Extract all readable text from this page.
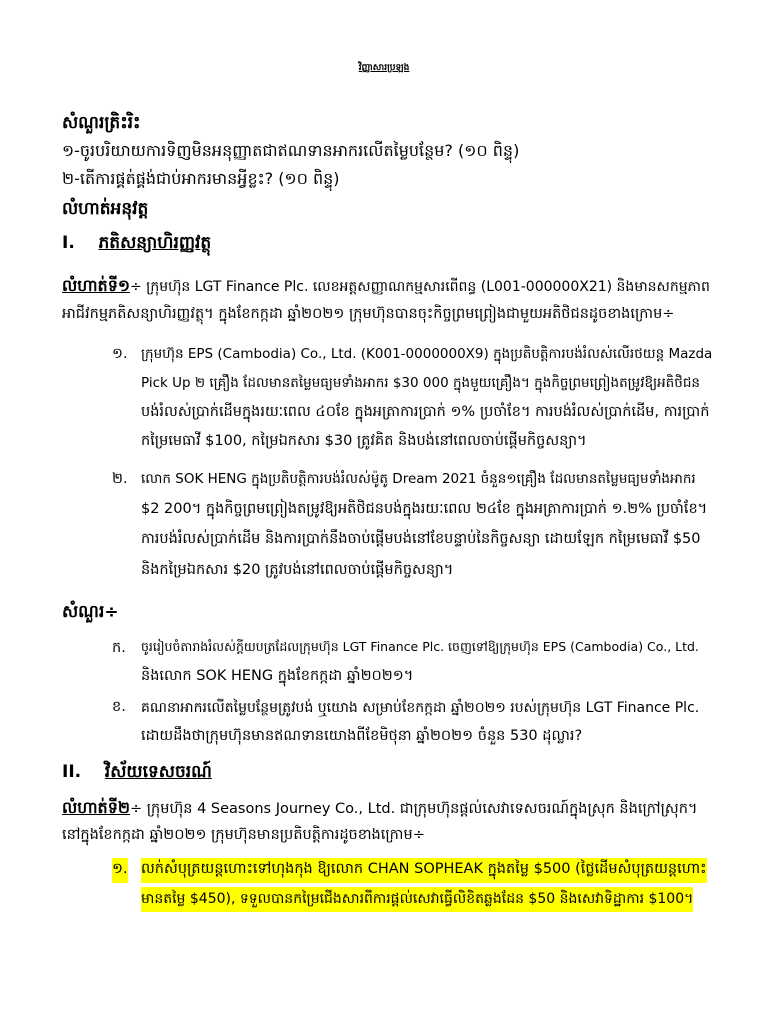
វិញ្ញាសារប្រឡង

សំណួរត្រិះរិះ

១-ចូរបរិយាយការទិញមិនអនុញ្ញាតជាឥណទានអាករលើតម្លៃបន្ថែម? (១០ ពិន្ទុ)

២-តើការផ្គត់ផ្គង់ជាប់អាករមានអ្វីខ្លះ? (១០ ពិន្ទុ)

លំហាត់អនុវត្ត

I. ភតិសន្យាហិរញ្ញវត្ថុ

លំហាត់ទី១÷ ក្រុមហ៊ុន LGT Finance Plc. លេខអត្តសញ្ញាណកម្មសារពើពន្ធ (L001-000000X21) និងមានសកម្មភាព

អាជីវកម្មភតិសន្យាហិរញ្ញវត្ថុ។ ក្នុងខែកក្កដា ឆ្នាំ២០២១ ក្រុមហ៊ុនបានចុះកិច្ចព្រមព្រៀងជាមួយអតិថិជនដូចខាងក្រោម÷

១. ក្រុមហ៊ុន EPS (Cambodia) Co., Ltd. (K001-0000000X9) ក្នុងប្រតិបត្តិការបង់រំលស់លើរថយន្ត Mazda

Pick Up ២ គ្រឿង ដែលមានតម្លៃមធ្យមទាំងអាករ $30 000 ក្នុងមួយគ្រឿង។ ក្នុងកិច្ចព្រមព្រៀងតម្រូវឱ្យអតិថិជន

បង់រំលស់ប្រាក់ដើមក្នុងរយៈពេល ៤០ខែ ក្នុងអត្រាការប្រាក់ ១% ប្រចាំខែ។ ការបង់រំលស់ប្រាក់ដើម, ការប្រាក់

កម្រៃមេធាវី $100, កម្រៃឯកសារ $30 ត្រូវគិត និងបង់នៅពេលចាប់ផ្តើមកិច្ចសន្យា។

២. លោក SOK HENG ក្នុងប្រតិបត្តិការបង់រំលស់ម៉ូតូ Dream 2021 ចំនួន១គ្រឿង ដែលមានតម្លៃមធ្យមទាំងអាករ

$2 200។ ក្នុងកិច្ចព្រមព្រៀងតម្រូវឱ្យអតិថិជនបង់ក្នុងរយៈពេល ២៤ខែ ក្នុងអត្រាការប្រាក់ ១.២% ប្រចាំខែ។

ការបង់រំលស់ប្រាក់ដើម និងការប្រាក់នឹងចាប់ផ្តើមបង់នៅខែបន្ទាប់នៃកិច្ចសន្យា ដោយឡែក កម្រៃមេធាវី $50

និងកម្រៃឯកសារ $20 ត្រូវបង់នៅពេលចាប់ផ្តើមកិច្ចសន្យា។

សំណួរ÷

ក. ចូររៀបចំតារាងរំលស់ក្តីយបត្រដែលក្រុមហ៊ុន LGT Finance Plc. ចេញទៅឱ្យក្រុមហ៊ុន EPS (Cambodia) Co., Ltd.

និងលោក SOK HENG ក្នុងខែកក្កដា ឆ្នាំ២០២១។

ខ. គណនាអាករលើតម្លៃបន្ថែមត្រូវបង់ ឬយោង សម្រាប់ខែកក្កដា ឆ្នាំ២០២១ របស់ក្រុមហ៊ុន LGT Finance Plc.

ដោយដឹងថាក្រុមហ៊ុនមានឥណទានយោងពីខែមិថុនា ឆ្នាំ២០២១ ចំនួន 530 ដុល្លារ?

II. វិស័យទេសចរណ៍

លំហាត់ទី២÷ ក្រុមហ៊ុន 4 Seasons Journey Co., Ltd. ជាក្រុមហ៊ុនផ្តល់សេវាទេសចរណ៍ក្នុងស្រុក និងក្រៅស្រុក។

នៅក្នុងខែកក្កដា ឆ្នាំ២០២១ ក្រុមហ៊ុនមានប្រតិបត្តិការដូចខាងក្រោម÷

១. លក់សំបុត្រយន្តហោះទៅហុងកុង ឱ្យលោក CHAN SOPHEAK ក្នុងតម្លៃ $500 (ថ្លៃដើមសំបុត្រយន្តហោះ

មានតម្លៃ $450), ទទួលបានកម្រៃជើងសារពីការផ្តល់សេវាធ្វើលិខិតឆ្លងដែន $50 និងសេវាទិដ្ឋាការ $100។
